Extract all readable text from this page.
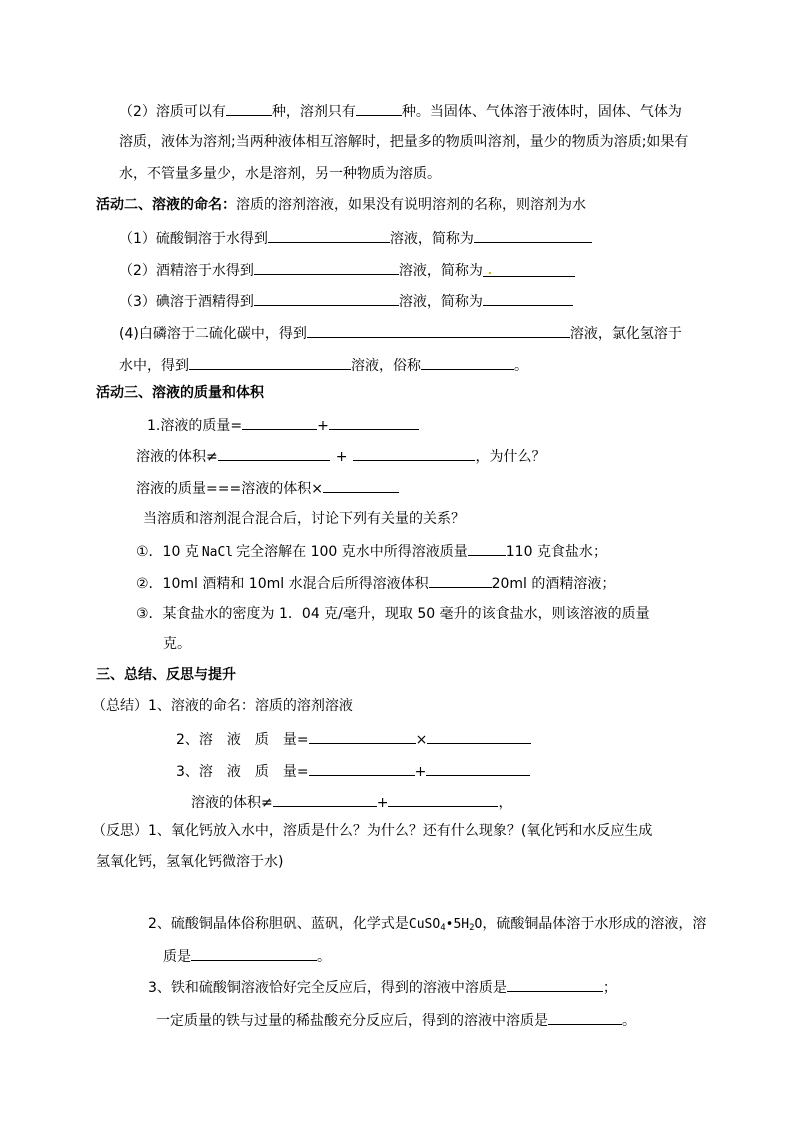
（2）溶质可以有	种，溶剂只有	种。当固体、气体溶于液体时，固体、气体为
溶质，液体为溶剂;当两种液体相互溶解时，把量多的物质叫溶剂，量少的物质为溶质;如果有
水，不管量多量少，水是溶剂，另一种物质为溶质。
活动二、溶液的命名：溶质的溶剂溶液，如果没有说明溶剂的名称，则溶剂为水
（1）硫酸铜溶于水得到	溶液，简称为
（2）酒精溶于水得到	溶液，简称为
（3）碘溶于酒精得到	溶液，简称为
(4)白磷溶于二硫化碳中，得到	溶液，氯化氢溶于
水中，得到	溶液，俗称	。
活动三、溶液的质量和体积
1.溶液的质量=	+
溶液的体积≠	+	，为什么？
溶液的质量===溶液的体积×
当溶质和溶剂混合混合后，讨论下列有关量的关系？
①．10 克 NaCl 完全溶解在 100 克水中所得溶液质量	110 克食盐水；
②．10ml 酒精和 10ml 水混合后所得溶液体积	20ml 的酒精溶液；
③．某食盐水的密度为 1．04 克/毫升，现取 50 毫升的该食盐水，则该溶液的质量
克。
三、总结、反思与提升
（总结）1、溶液的命名：溶质的溶剂溶液
2、溶　液　质　量=	×
3、溶　液　质　量=	+
溶液的体积≠	+	，
（反思）1、氧化钙放入水中，溶质是什么？为什么？还有什么现象？(氧化钙和水反应生成
氢氧化钙，氢氧化钙微溶于水)
2、硫酸铜晶体俗称胆矾、蓝矾，化学式是$CuSO_4•5H_2O$，硫酸铜晶体溶于水形成的溶液，溶
质是	。
3、铁和硫酸铜溶液恰好完全反应后，得到的溶液中溶质是	；
一定质量的铁与过量的稀盐酸充分反应后，得到的溶液中溶质是	。
